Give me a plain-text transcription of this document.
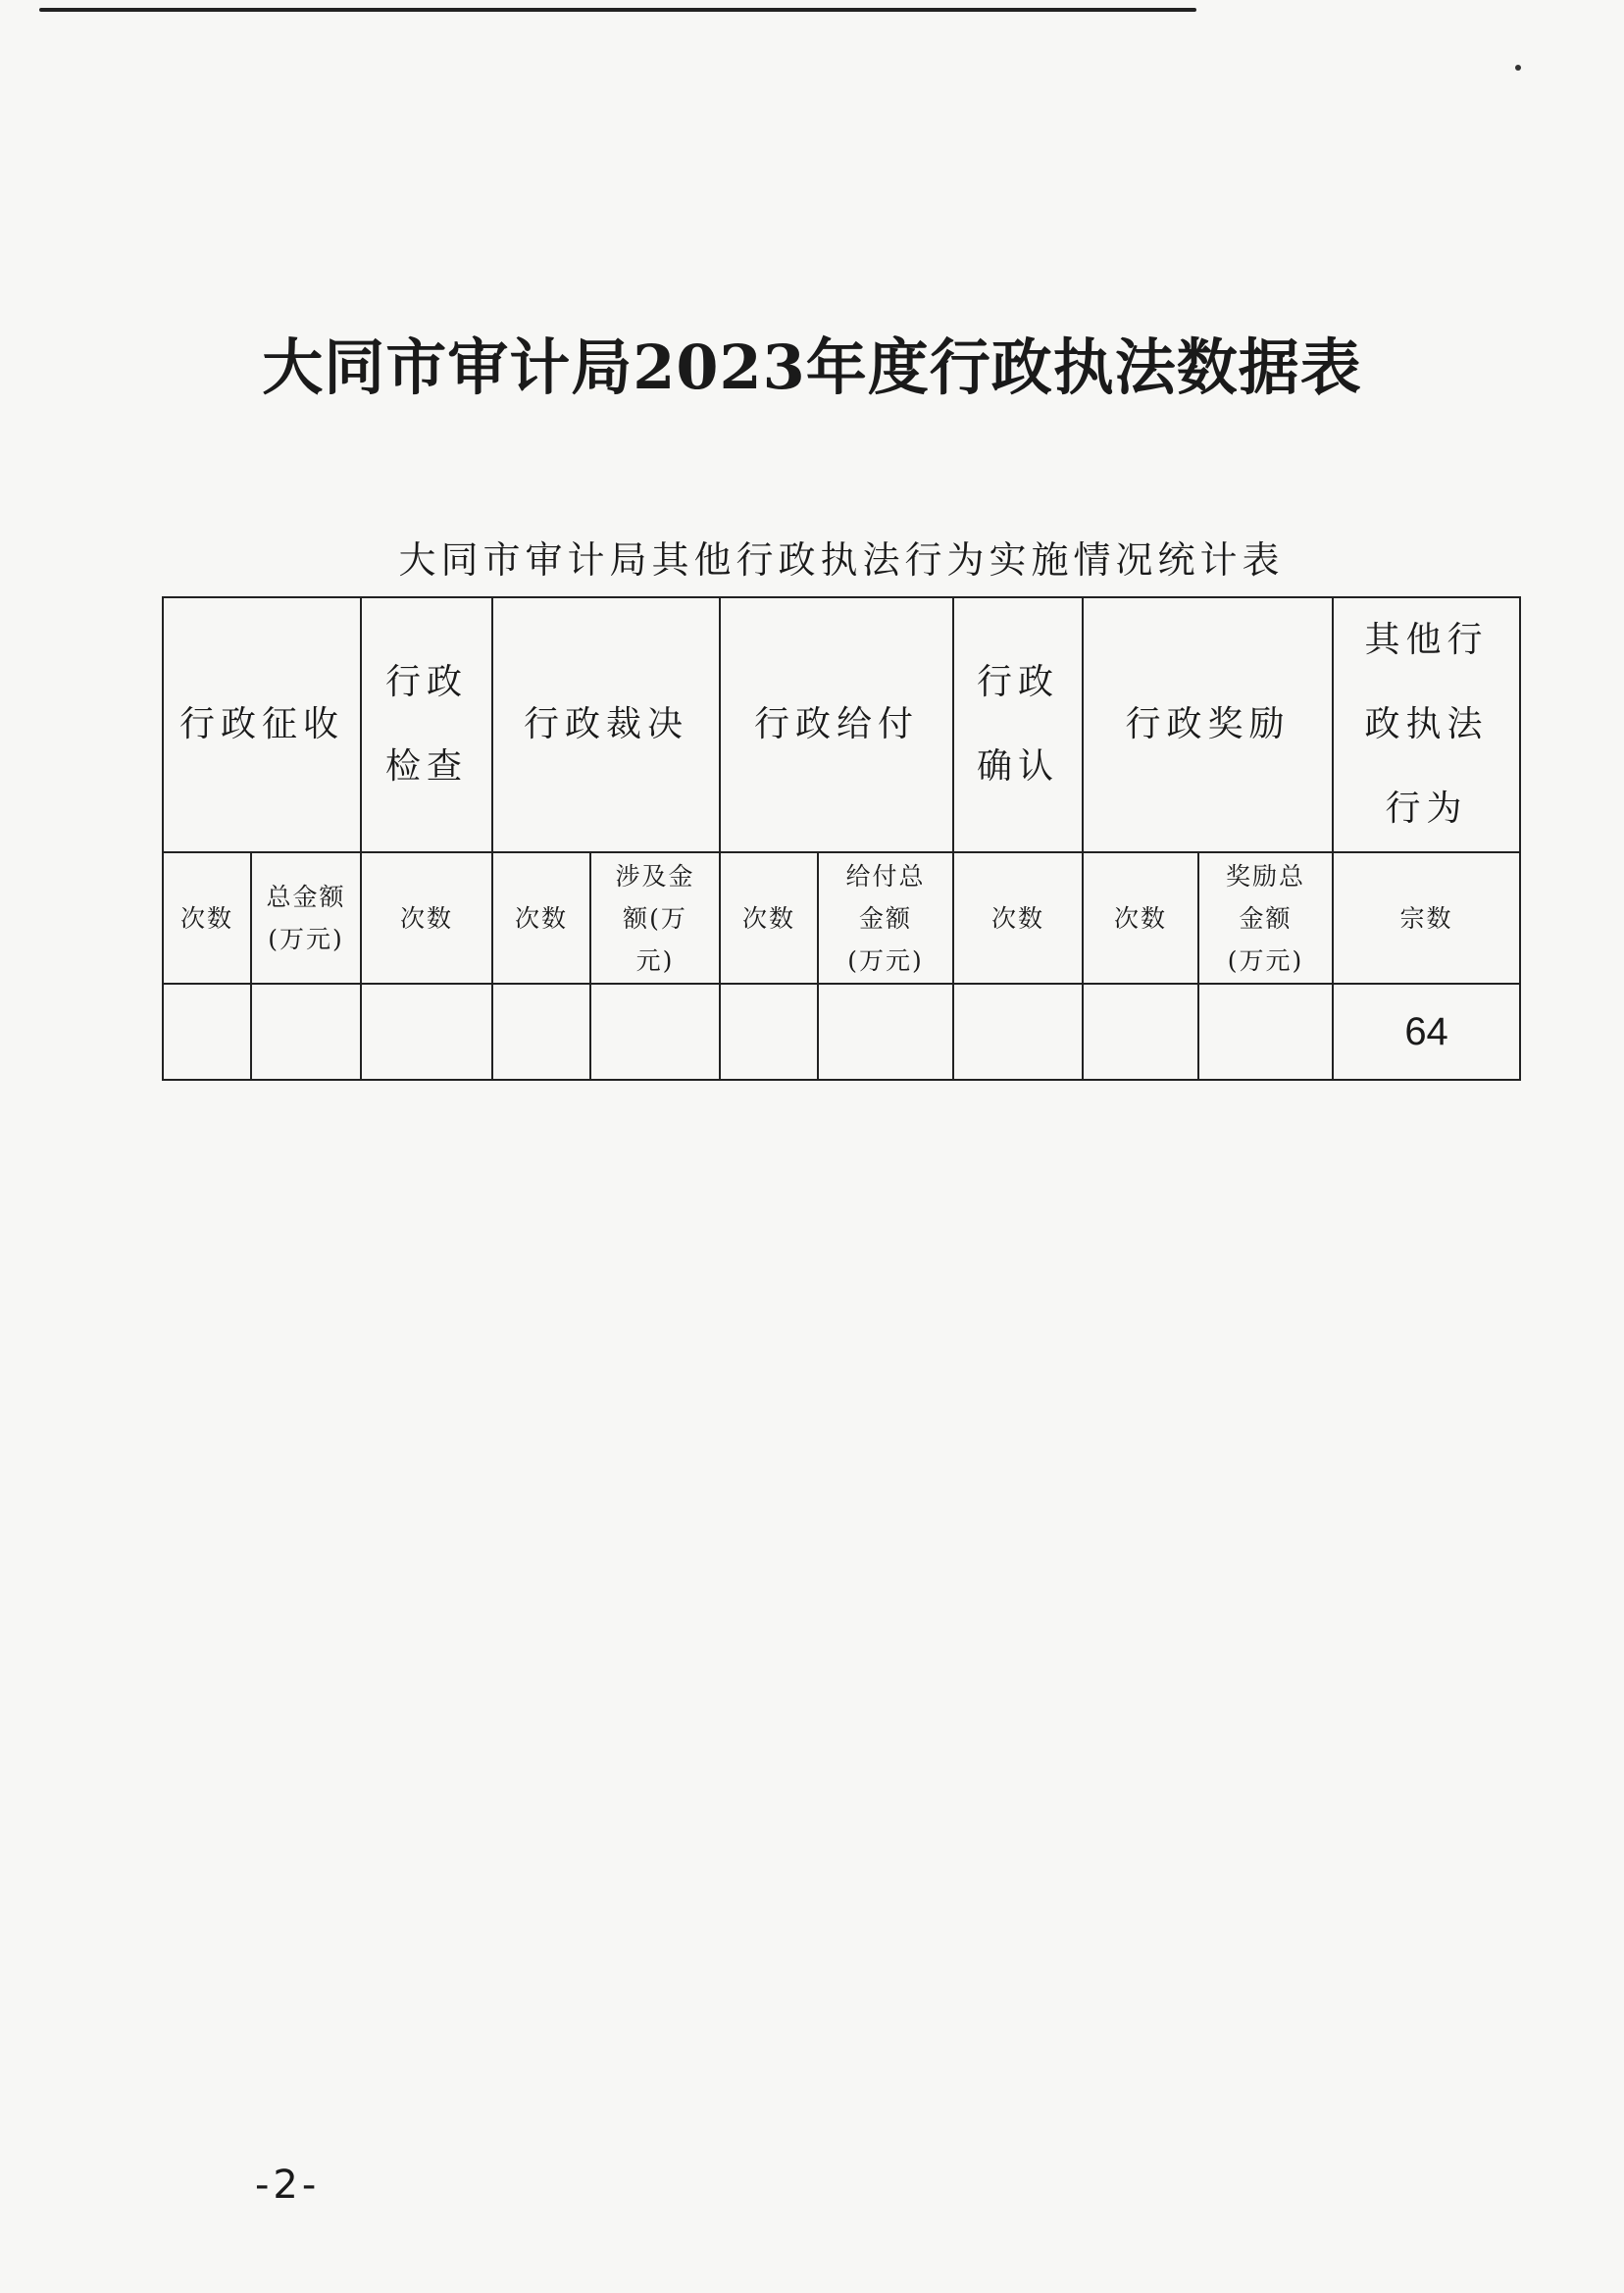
大同市审计局2023年度行政执法数据表
大同市审计局其他行政执法行为实施情况统计表
行政征收		行政检查	行政裁决		行政给付		行政确认	行政奖励		其他行政执法行为
次数	总金额(万元)	次数	次数	涉及金额(万元)	次数	给付总金额(万元)	次数	次数	奖励总金额(万元)	宗数
										64
-2-
